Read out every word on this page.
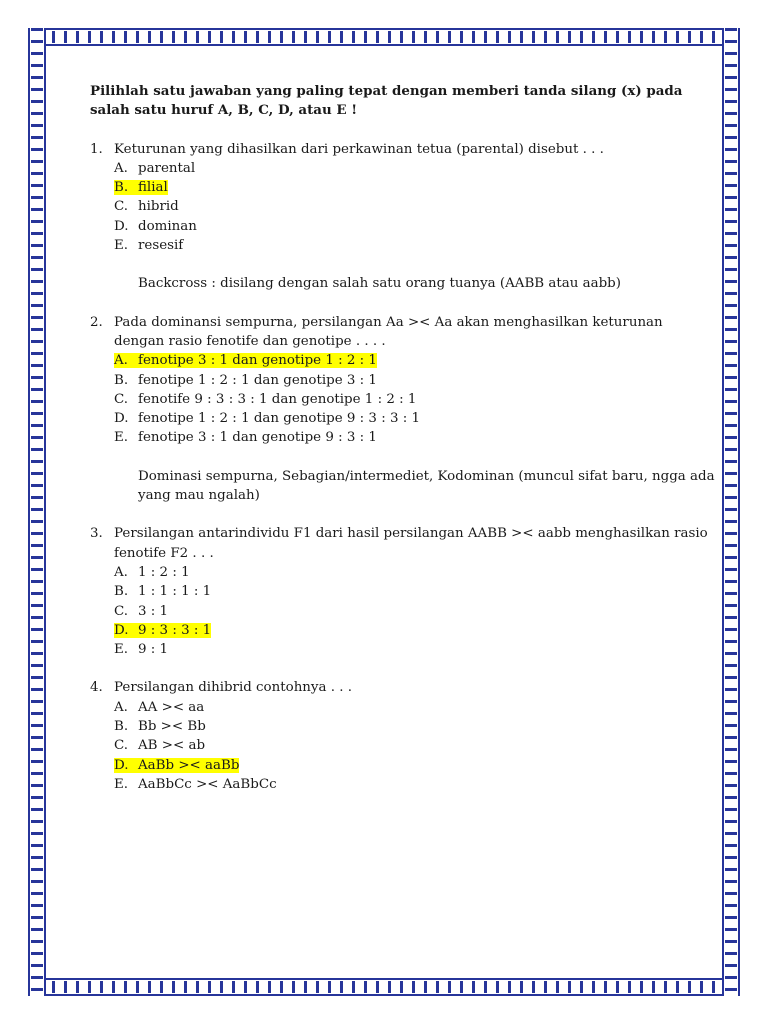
Pilihlah satu jawaban yang paling tepat dengan memberi tanda silang (x) pada salah satu huruf A, B, C, D, atau E !

1. Keturunan yang dihasilkan dari perkawinan tetua (parental) disebut . . .
A. parental
B. filial
C. hibrid
D. dominan
E. resesif

Backcross : disilang dengan salah satu orang tuanya (AABB atau aabb)

2. Pada dominansi sempurna, persilangan Aa >< Aa akan menghasilkan keturunan dengan rasio fenotife dan genotipe . . . .
A. fenotipe 3 : 1 dan genotipe 1 : 2 : 1
B. fenotipe 1 : 2 : 1 dan genotipe 3 : 1
C. fenotife 9 : 3 : 3 : 1 dan genotipe 1 : 2 : 1
D. fenotipe 1 : 2 : 1 dan genotipe 9 : 3 : 3 : 1
E. fenotipe 3 : 1 dan genotipe 9 : 3 : 1

Dominasi sempurna, Sebagian/intermediet, Kodominan (muncul sifat baru, ngga ada yang mau ngalah)

3. Persilangan antarindividu F1 dari hasil persilangan AABB >< aabb menghasilkan rasio fenotife F2 . . .
A. 1 : 2 : 1
B. 1 : 1 : 1 : 1
C. 3 : 1
D. 9 : 3 : 3 : 1
E. 9 : 1
4. Persilangan dihibrid contohnya . . .
A. AA >< aa
B. Bb >< Bb
C. AB >< ab
D. AaBb >< aaBb
E. AaBbCc >< AaBbCc
